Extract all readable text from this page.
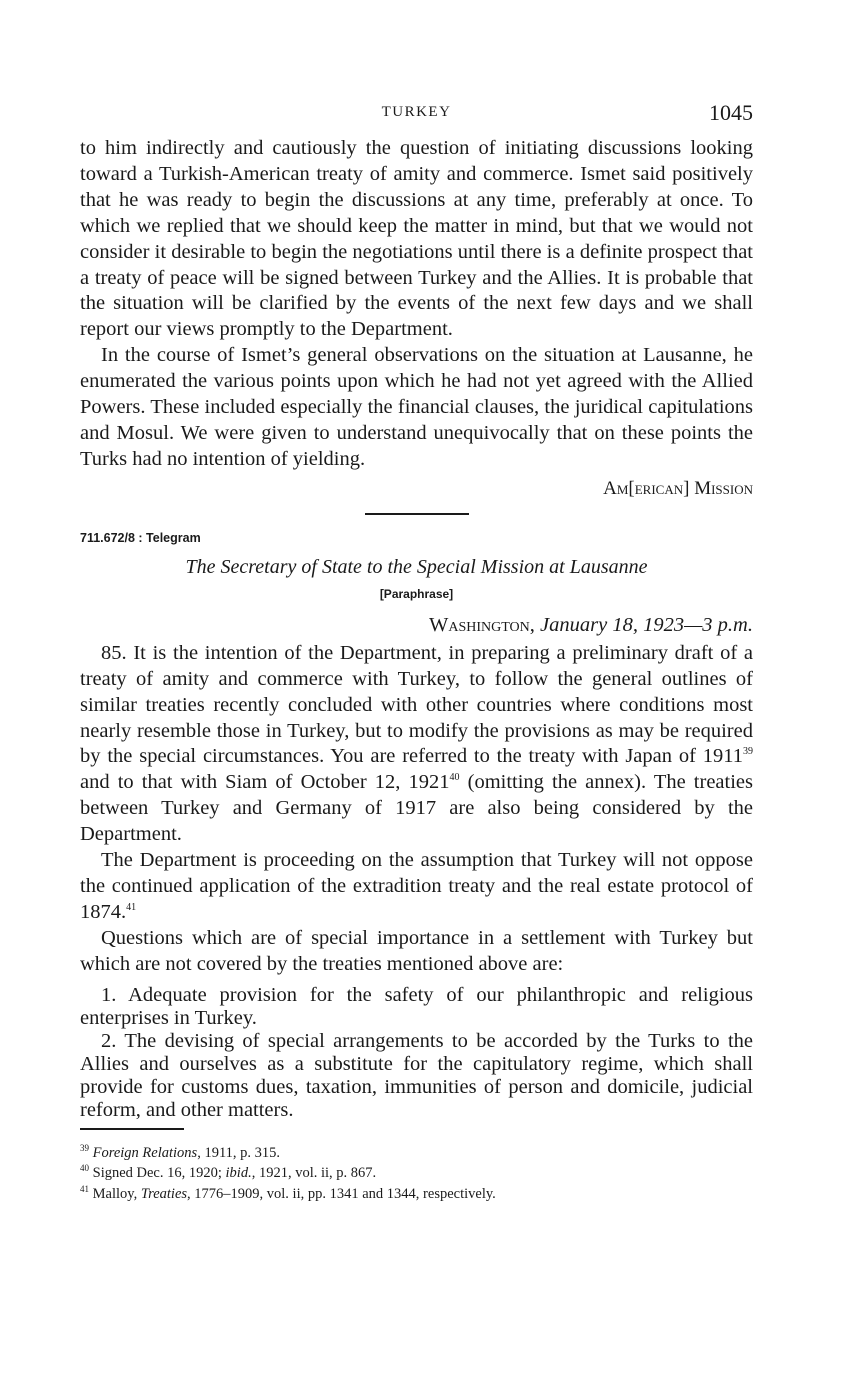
TURKEY	1045

to him indirectly and cautiously the question of initiating discussions looking toward a Turkish-American treaty of amity and commerce. Ismet said positively that he was ready to begin the discussions at any time, preferably at once. To which we replied that we should keep the matter in mind, but that we would not consider it desirable to begin the negotiations until there is a definite prospect that a treaty of peace will be signed between Turkey and the Allies. It is probable that the situation will be clarified by the events of the next few days and we shall report our views promptly to the Department.

In the course of Ismet’s general observations on the situation at Lausanne, he enumerated the various points upon which he had not yet agreed with the Allied Powers. These included especially the financial clauses, the juridical capitulations and Mosul. We were given to understand unequivocally that on these points the Turks had no intention of yielding.

Am[erican] Mission
711.672/8 : Telegram
The Secretary of State to the Special Mission at Lausanne
[Paraphrase]
Washington, January 18, 1923—3 p.m.

85. It is the intention of the Department, in preparing a preliminary draft of a treaty of amity and commerce with Turkey, to follow the general outlines of similar treaties recently concluded with other countries where conditions most nearly resemble those in Turkey, but to modify the provisions as may be required by the special circumstances. You are referred to the treaty with Japan of 1911$^{39}$ and to that with Siam of October 12, 1921$^{40}$ (omitting the annex). The treaties between Turkey and Germany of 1917 are also being considered by the Department.

The Department is proceeding on the assumption that Turkey will not oppose the continued application of the extradition treaty and the real estate protocol of 1874.41

Questions which are of special importance in a settlement with Turkey but which are not covered by the treaties mentioned above are:

1. Adequate provision for the safety of our philanthropic and religious enterprises in Turkey.

2. The devising of special arrangements to be accorded by the Turks to the Allies and ourselves as a substitute for the capitulatory regime, which shall provide for customs dues, taxation, immunities of person and domicile, judicial reform, and other matters.

$^{39}$ Foreign Relations, 1911, p. 315.

$^{40}$ Signed Dec. 16, 1920; ibid., 1921, vol. ii, p. 867.

$^{41}$ Malloy, Treaties, 1776–1909, vol. ii, pp. 1341 and 1344, respectively.
